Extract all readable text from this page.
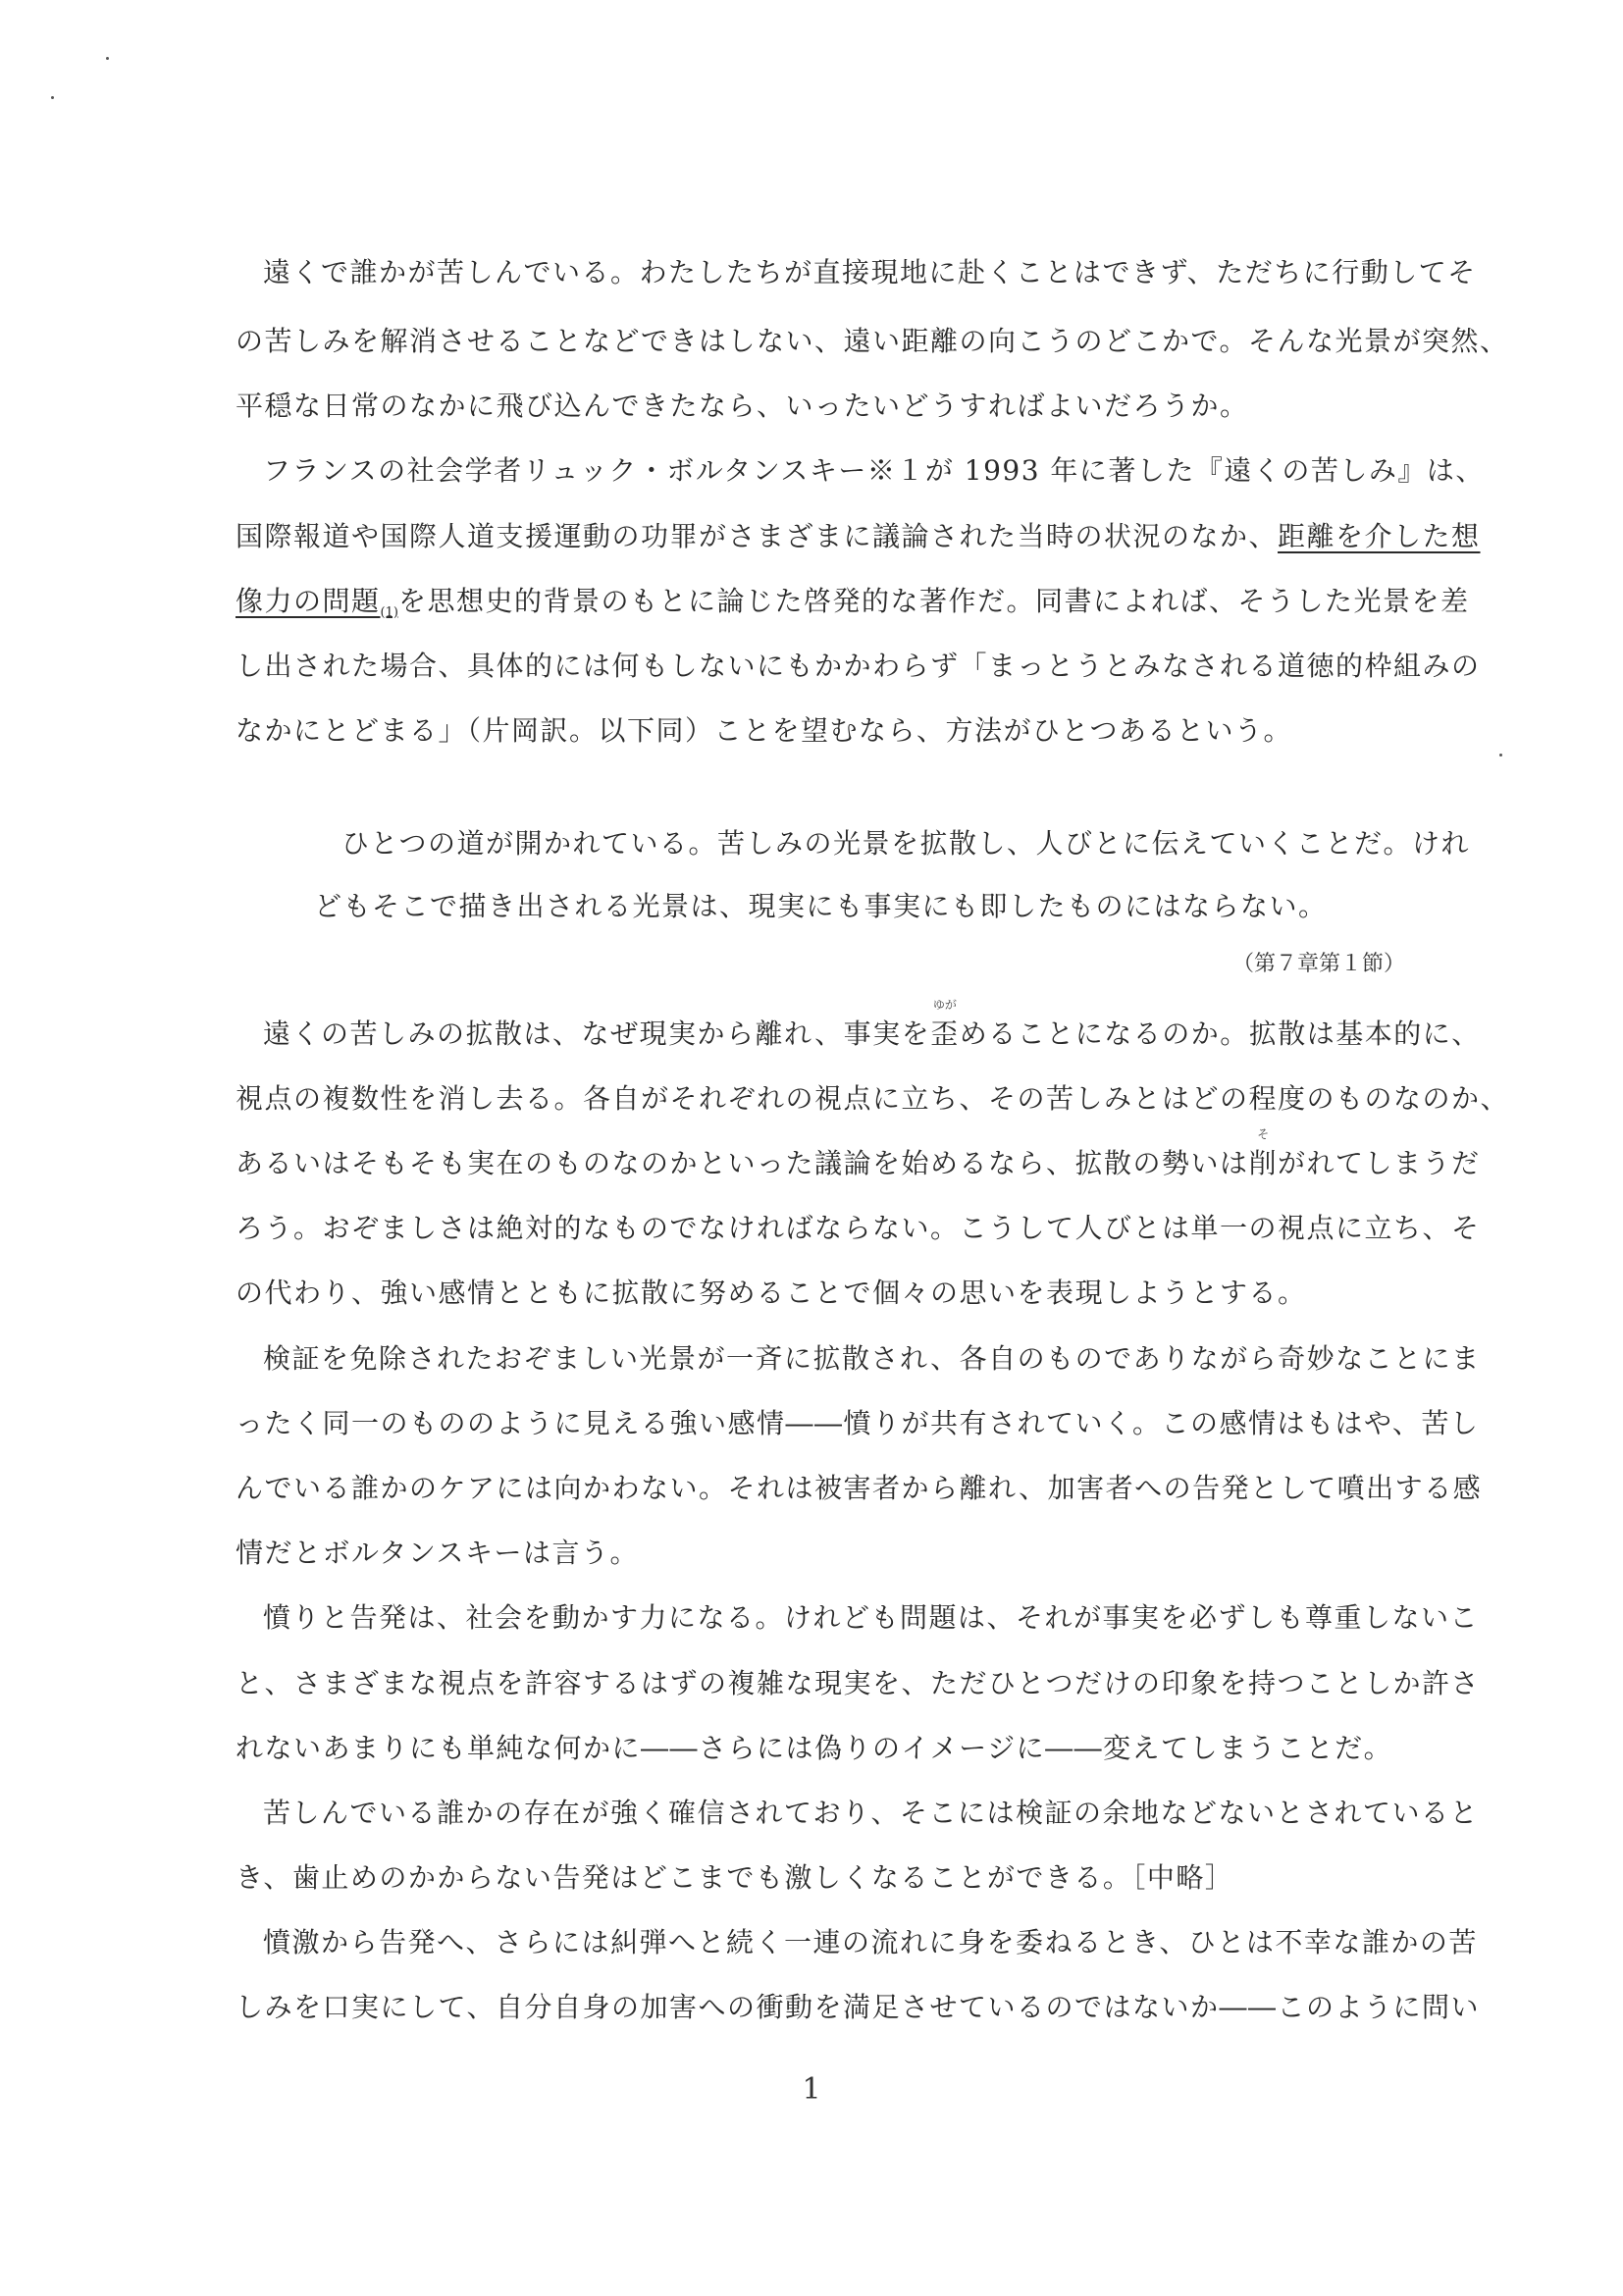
遠くで誰かが苦しんでいる。わたしたちが直接現地に赴くことはできず、ただちに行動してそ
の苦しみを解消させることなどできはしない、遠い距離の向こうのどこかで。そんな光景が突然、
平穏な日常のなかに飛び込んできたなら、いったいどうすればよいだろうか。
フランスの社会学者リュック・ボルタンスキー※１が 1993 年に著した『遠くの苦しみ』は、
国際報道や国際人道支援運動の功罪がさまざまに議論された当時の状況のなか、距離を介した想
像力の問題$_{(1)}$を思想史的背景のもとに論じた啓発的な著作だ。同書によれば、そうした光景を差
し出された場合、具体的には何もしないにもかかわらず「まっとうとみなされる道徳的枠組みの
なかにとどまる」（片岡訳。以下同）ことを望むなら、方法がひとつあるという。
ひとつの道が開かれている。苦しみの光景を拡散し、人びとに伝えていくことだ。けれ
どもそこで描き出される光景は、現実にも事実にも即したものにはならない。
（第７章第１節）
遠くの苦しみの拡散は、なぜ現実から離れ、事実を
ゆが
歪めることになるのか。拡散は基本的に、
視点の複数性を消し去る。各自がそれぞれの視点に立ち、その苦しみとはどの程度のものなのか、
あるいはそもそも実在のものなのかといった議論を始めるなら、拡散の勢いは
そ
削がれてしまうだ
ろう。おぞましさは絶対的なものでなければならない。こうして人びとは単一の視点に立ち、そ
の代わり、強い感情とともに拡散に努めることで個々の思いを表現しようとする。
検証を免除されたおぞましい光景が一斉に拡散され、各自のものでありながら奇妙なことにま
ったく同一のもののように見える強い感情――憤りが共有されていく。この感情はもはや、苦し
んでいる誰かのケアには向かわない。それは被害者から離れ、加害者への告発として噴出する感
情だとボルタンスキーは言う。
憤りと告発は、社会を動かす力になる。けれども問題は、それが事実を必ずしも尊重しないこ
と、さまざまな視点を許容するはずの複雑な現実を、ただひとつだけの印象を持つことしか許さ
れないあまりにも単純な何かに――さらには偽りのイメージに――変えてしまうことだ。
苦しんでいる誰かの存在が強く確信されており、そこには検証の余地などないとされていると
き、歯止めのかからない告発はどこまでも激しくなることができる。［中略］
憤激から告発へ、さらには糾弾へと続く一連の流れに身を委ねるとき、ひとは不幸な誰かの苦
しみを口実にして、自分自身の加害への衝動を満足させているのではないか――このように問い
1
